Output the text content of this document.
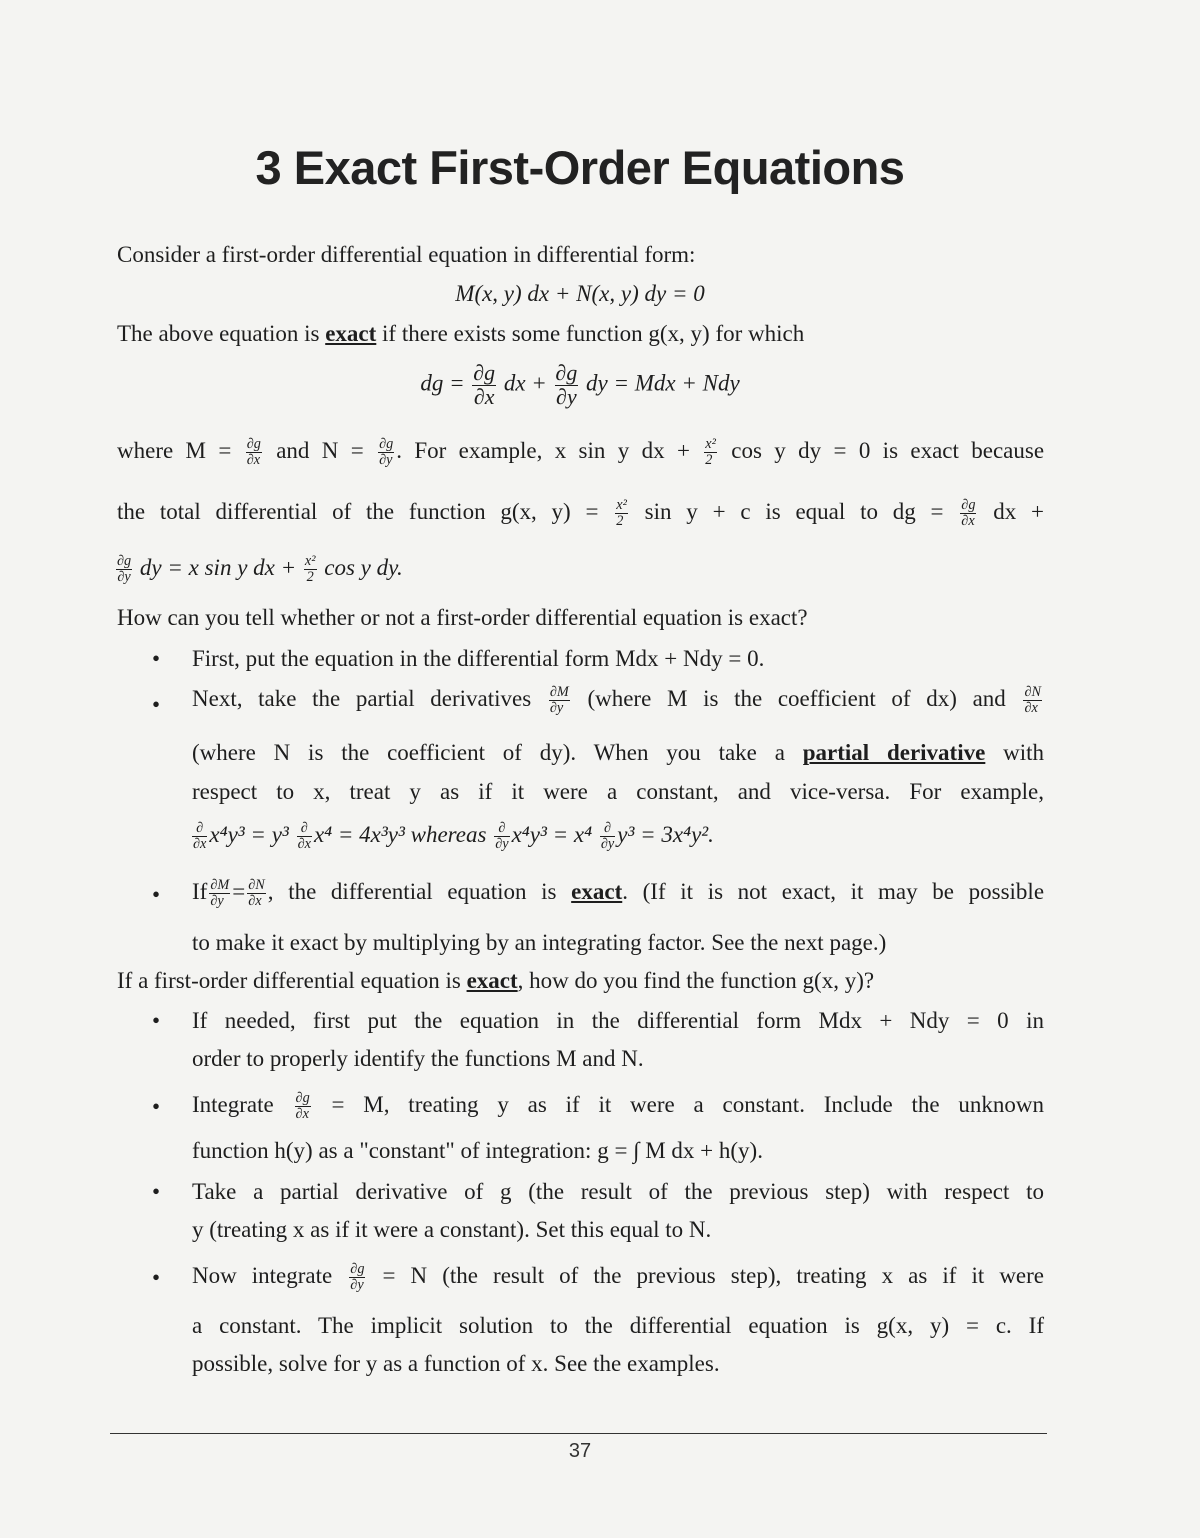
3 Exact First-Order Equations
Consider a first-order differential equation in differential form:
M(x, y) dx + N(x, y) dy = 0
The above equation is exact if there exists some function g(x, y) for which
dg = $\frac{\partial g}{\partial x}$ dx + $\frac{\partial g}{\partial y}$ dy = Mdx + Ndy
where $M = \frac{\partial g}{\partial x}$ and $N = \frac{\partial g}{\partial y}$ . For example, x sin y dx + $\frac{\text{x²}}{2}$ cos y dy = 0 is exact because
the total differential of the function g(x, $y) = \frac{\text{x²}}{2}$ sin y + c is equal to dg = $\frac{\partial g}{\partial x}$ dx +
$\frac{\partial g}{\partial y}$ dy = x sin y dx + $\frac{\text{x²}}{2}$ cos y dy.
How can you tell whether or not a first-order differential equation is exact?
• First, put the equation in the differential form Mdx + Ndy = 0.
• Next, take the partial derivatives $\frac{\partial M}{\partial y}$ (where M is the coefficient of dx) and $\frac{\partial N}{\partial x}$
(where N is the coefficient of dy). When you take a partial derivative with
respect to x, treat y as if it were a constant, and vice-versa. For example,
$\frac{\partial}{\partial x} x^4y^3 = y^3 \frac{\partial}{\partial x} x^4 = 4x^3y^3$ whereas $\frac{\partial}{\partial y} x^4y^3 = x^4 \frac{\partial}{\partial y} y^3 = 3x^4y^2$.
• If $\frac{\partial M}{\partial y} = \frac{\partial N}{\partial x}$ , the differential equation is exact. (If it is not exact, it may be possible
to make it exact by multiplying by an integrating factor. See the next page.)
If a first-order differential equation is exact, how do you find the function g(x, y)?
• If needed, first put the equation in the differential form Mdx + Ndy = 0 in
order to properly identify the functions M and N.
• Integrate $\frac{\partial g}{\partial x} = M$, treating y as if it were a constant. Include the unknown
function h(y) as a "constant" of integration: g = ∫ M dx + h(y).
• Take a partial derivative of g (the result of the previous step) with respect to
y (treating x as if it were a constant). Set this equal to N.
• Now integrate $\frac{\partial g}{\partial y} = N$ (the result of the previous step), treating x as if it were
a constant. The implicit solution to the differential equation is g(x, y) = c. If
possible, solve for y as a function of x. See the examples.
37
